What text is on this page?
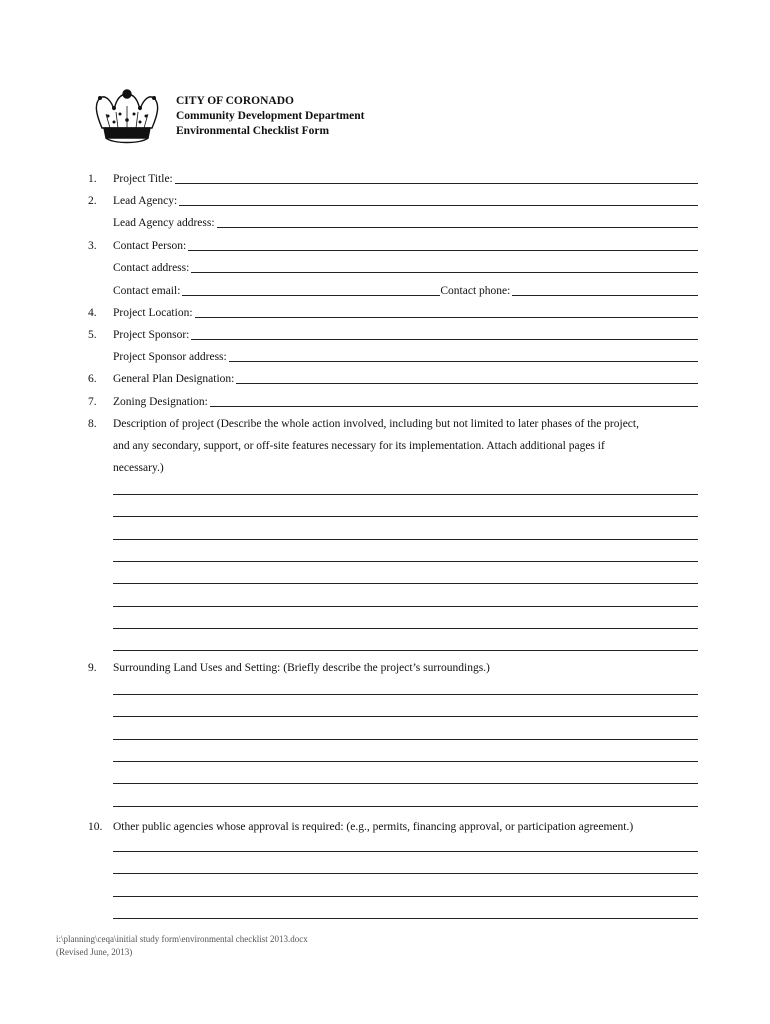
CITY OF CORONADO
Community Development Department
Environmental Checklist Form
1.	Project Title:
2.	Lead Agency:
Lead Agency address:
3.	Contact Person:
Contact address:
Contact email:	Contact phone:
4.	Project Location:
5.	Project Sponsor:
Project Sponsor address:
6.	General Plan Designation:
7.	Zoning Designation:
8.	Description of project (Describe the whole action involved, including but not limited to later phases of the project,
and any secondary, support, or off-site features necessary for its implementation. Attach additional pages if
necessary.)
9.	Surrounding Land Uses and Setting: (Briefly describe the project’s surroundings.)
10. Other public agencies whose approval is required: (e.g., permits, financing approval, or participation agreement.)
i:\planning\ceqa\initial study form\environmental checklist 2013.docx
(Revised June, 2013)
